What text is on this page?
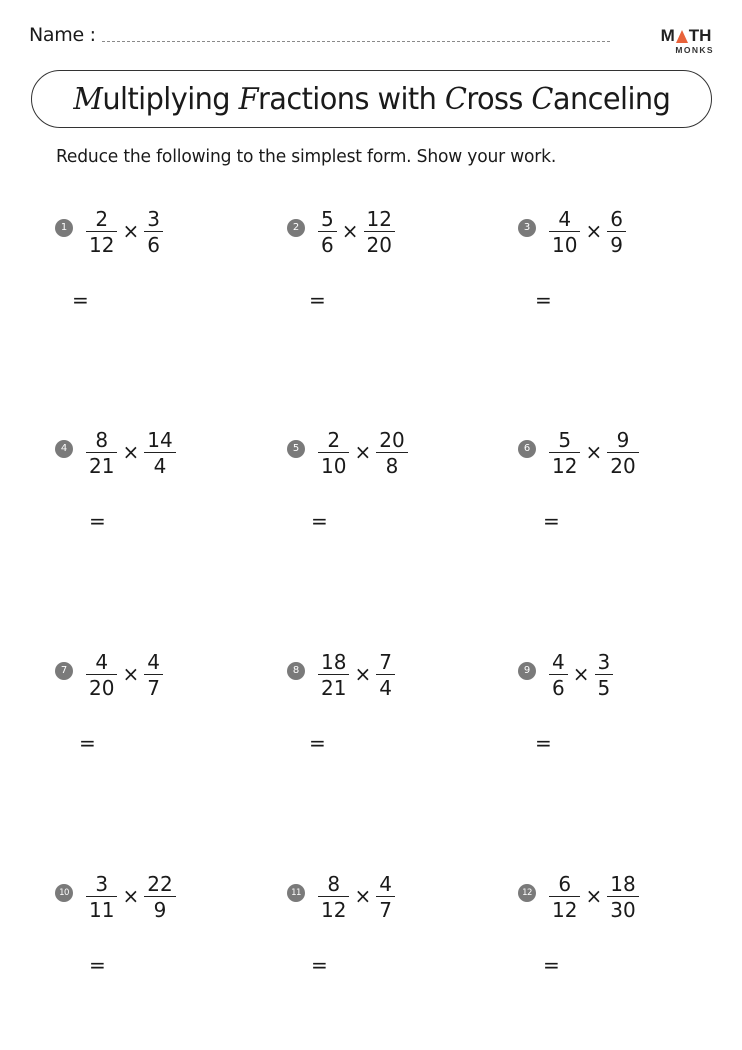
Name :	M TH
MONKS
Multiplying Fractions with Cross Canceling
Reduce the following to the simplest form. Show your work.
$1 \frac{2}{12} \times \frac{3}{6}$
=
$2 \frac{5}{6} \times \frac{12}{20}$
=
$3 \frac{4}{10} \times \frac{6}{9}$
=
$4 \frac{8}{21} \times \frac{14}{4}$
=
$5 \frac{2}{10} \times \frac{20}{8}$
=
$6 \frac{5}{12} \times \frac{9}{20}$
=
$7 \frac{4}{20} \times \frac{4}{7}$
=
$8 \frac{18}{21} \times \frac{7}{4}$
=
$9 \frac{4}{6} \times \frac{3}{5}$
=
$10 \frac{3}{11} \times \frac{22}{9}$
=
$11 \frac{8}{12} \times \frac{4}{7}$
=
$12 \frac{6}{12} \times \frac{18}{30}$
=
